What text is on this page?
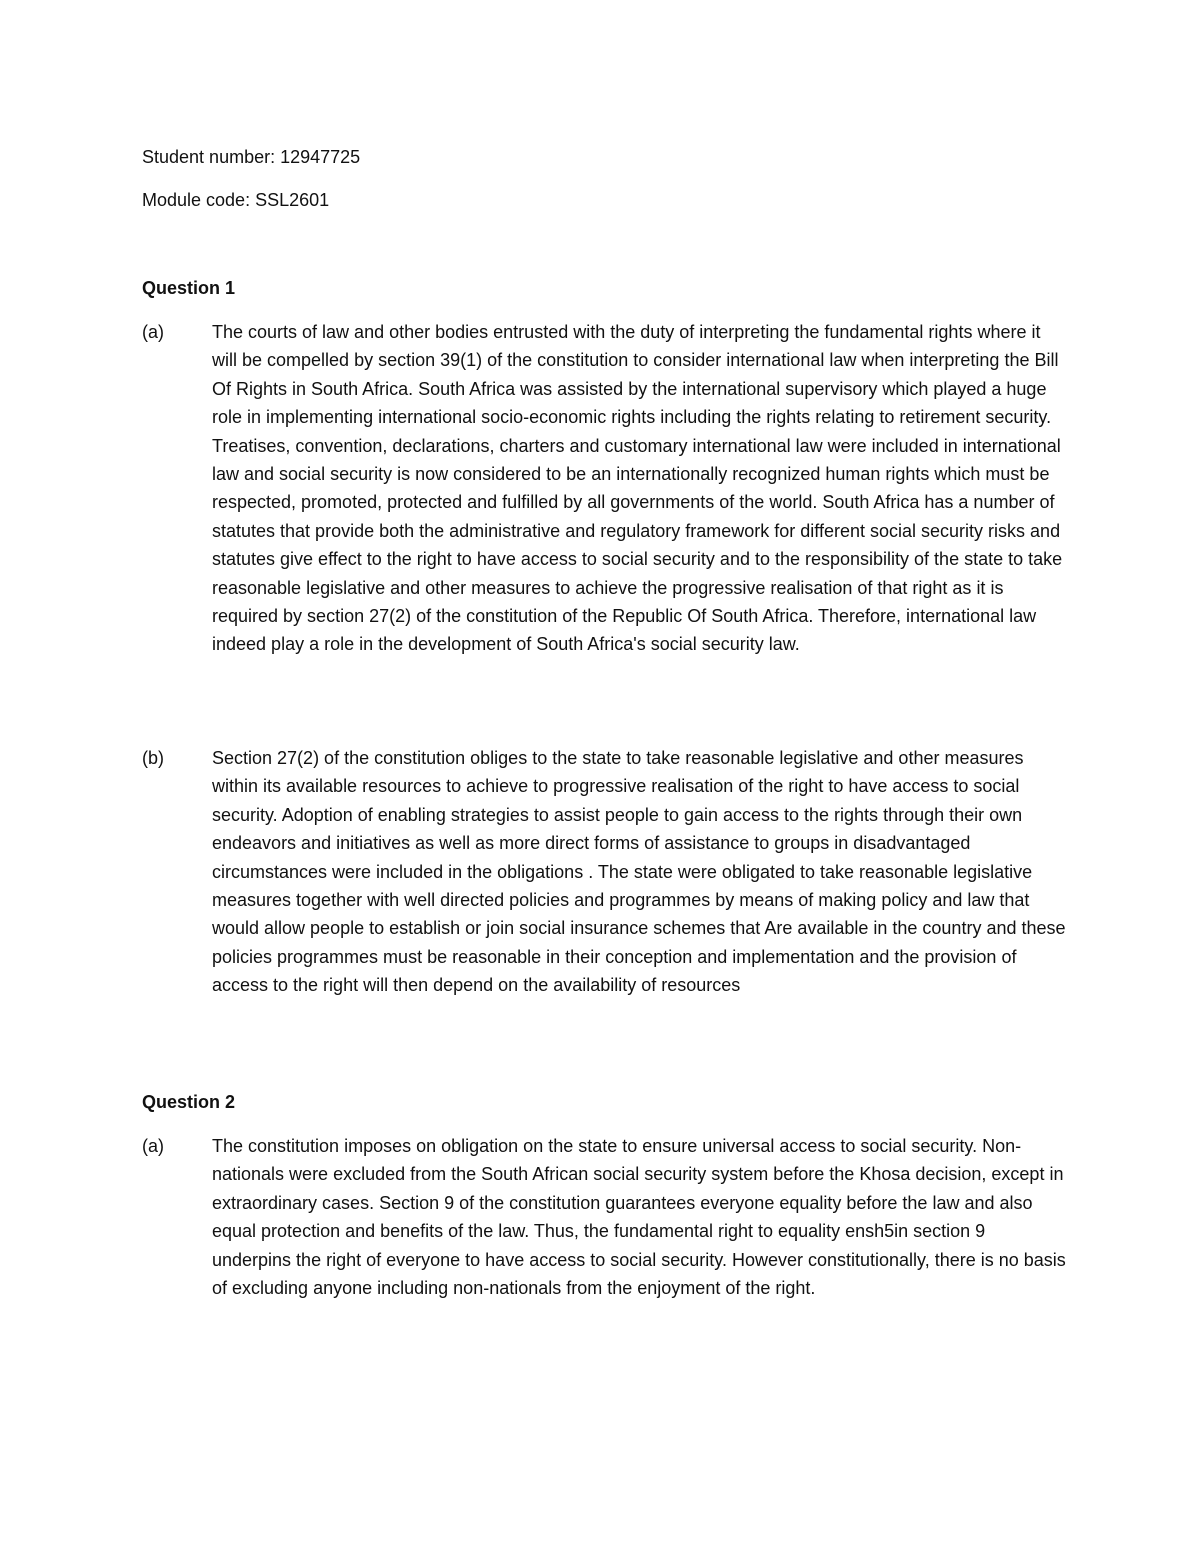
Student number: 12947725
Module code: SSL2601
Question 1
(a)	The courts of law and other bodies entrusted with the duty of interpreting the fundamental rights where it will be compelled by section 39(1) of the constitution to consider international law when interpreting the Bill Of Rights in South Africa. South Africa was assisted by the international supervisory which played a huge role in implementing international socio-economic rights including the rights relating to retirement security. Treatises, convention, declarations, charters and customary international law were included in international law and social security is now considered to be an internationally recognized human rights which must be respected, promoted, protected and fulfilled by all governments of the world. South Africa has a number of statutes that provide both the administrative and regulatory framework for different social security risks and statutes give effect to the right to have access to social security and to the responsibility of the state to take reasonable legislative and other measures to achieve the progressive realisation of that right as it is required by section 27(2) of the constitution of the Republic Of South Africa. Therefore, international law indeed play a role in the development of South Africa's social security law.
(b)	Section 27(2) of the constitution obliges to the state to take reasonable legislative and other measures within its available resources to achieve to progressive realisation of the right to have access to social security. Adoption of enabling strategies to assist people to gain access to the rights through their own endeavors and initiatives as well as more direct forms of assistance to groups in disadvantaged circumstances were included in the obligations . The state were obligated to take reasonable legislative measures together with well directed policies and programmes by means of making policy and law that would allow people to establish or join social insurance schemes that Are available in the country and these policies programmes must be reasonable in their conception and implementation and the provision of access to the right will then depend on the availability of resources
Question 2
(a)	The constitution imposes on obligation on the state to ensure universal access to social security. Non-nationals were excluded from the South African social security system before the Khosa decision, except in extraordinary cases. Section 9 of the constitution guarantees everyone equality before the law and also equal protection and benefits of the law. Thus, the fundamental right to equality ensh5in section 9 underpins the right of everyone to have access to social security. However constitutionally, there is no basis of excluding anyone including non-nationals from the enjoyment of the right.
